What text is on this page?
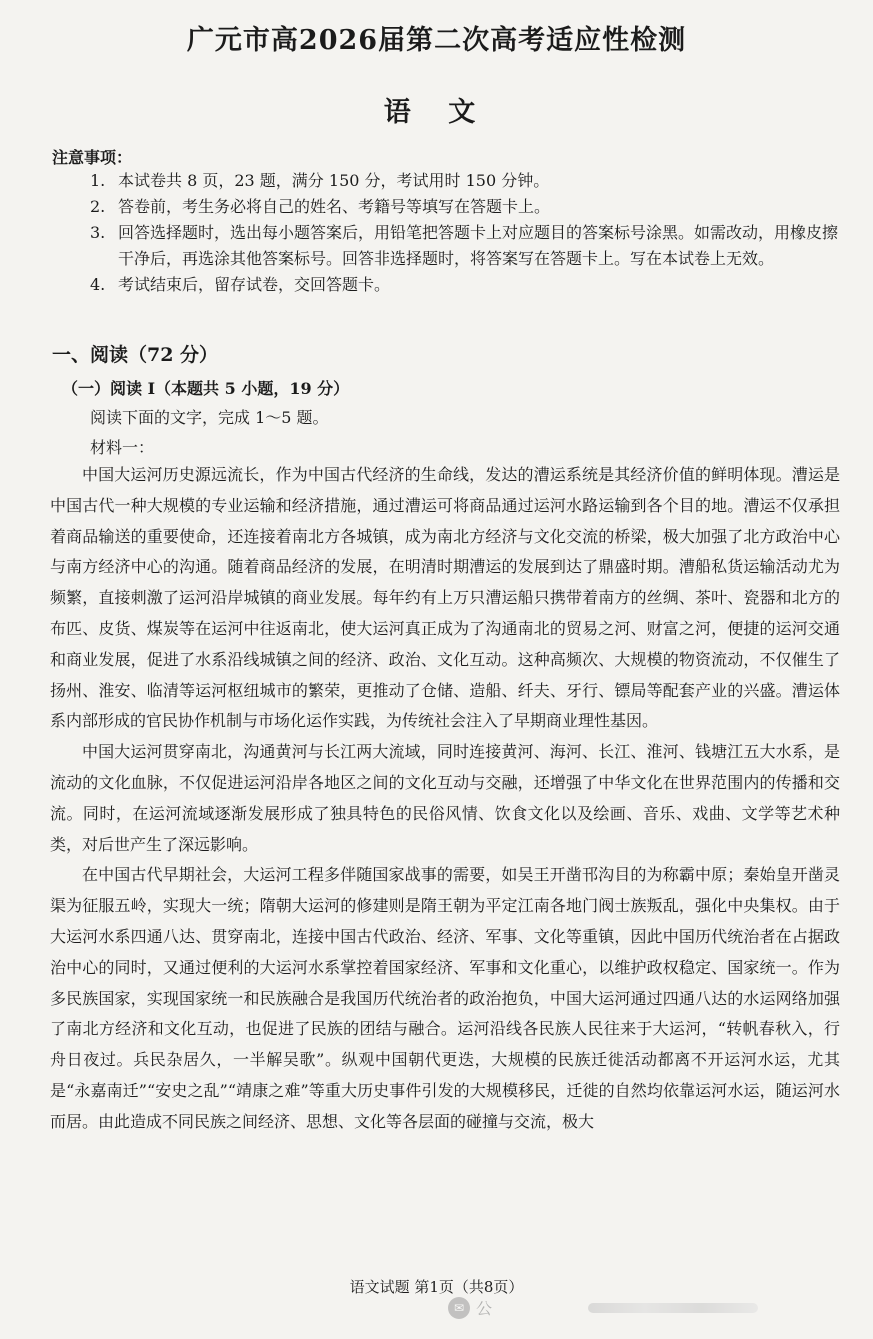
广元市高2026届第二次高考适应性检测
语 文
注意事项：

1. 本试卷共 8 页，23 题，满分 150 分，考试用时 150 分钟。

2. 答卷前，考生务必将自己的姓名、考籍号等填写在答题卡上。

3. 回答选择题时，选出每小题答案后，用铅笔把答题卡上对应题目的答案标号涂黑。如需改动，用橡皮擦干净后，再选涂其他答案标号。回答非选择题时，将答案写在答题卡上。写在本试卷上无效。

4. 考试结束后，留存试卷，交回答题卡。

一、阅读（72 分）
（一）阅读 I（本题共 5 小题，19 分）
阅读下面的文字，完成 1～5 题。
材料一：

中国大运河历史源远流长，作为中国古代经济的生命线，发达的漕运系统是其经济价值的鲜明体现。漕运是中国古代一种大规模的专业运输和经济措施，通过漕运可将商品通过运河水路运输到各个目的地。漕运不仅承担着商品输送的重要使命，还连接着南北方各城镇，成为南北方经济与文化交流的桥梁，极大加强了北方政治中心与南方经济中心的沟通。随着商品经济的发展，在明清时期漕运的发展到达了鼎盛时期。漕船私货运输活动尤为频繁，直接刺激了运河沿岸城镇的商业发展。每年约有上万只漕运船只携带着南方的丝绸、茶叶、瓷器和北方的布匹、皮货、煤炭等在运河中往返南北，使大运河真正成为了沟通南北的贸易之河、财富之河，便捷的运河交通和商业发展，促进了水系沿线城镇之间的经济、政治、文化互动。这种高频次、大规模的物资流动，不仅催生了扬州、淮安、临清等运河枢纽城市的繁荣，更推动了仓储、造船、纤夫、牙行、镖局等配套产业的兴盛。漕运体系内部形成的官民协作机制与市场化运作实践，为传统社会注入了早期商业理性基因。

中国大运河贯穿南北，沟通黄河与长江两大流域，同时连接黄河、海河、长江、淮河、钱塘江五大水系，是流动的文化血脉，不仅促进运河沿岸各地区之间的文化互动与交融，还增强了中华文化在世界范围内的传播和交流。同时，在运河流域逐渐发展形成了独具特色的民俗风情、饮食文化以及绘画、音乐、戏曲、文学等艺术种类，对后世产生了深远影响。

在中国古代早期社会，大运河工程多伴随国家战事的需要，如吴王开凿邗沟目的为称霸中原；秦始皇开凿灵渠为征服五岭，实现大一统；隋朝大运河的修建则是隋王朝为平定江南各地门阀士族叛乱，强化中央集权。由于大运河水系四通八达、贯穿南北，连接中国古代政治、经济、军事、文化等重镇，因此中国历代统治者在占据政治中心的同时，又通过便利的大运河水系掌控着国家经济、军事和文化重心，以维护政权稳定、国家统一。作为多民族国家，实现国家统一和民族融合是我国历代统治者的政治抱负，中国大运河通过四通八达的水运网络加强了南北方经济和文化互动，也促进了民族的团结与融合。运河沿线各民族人民往来于大运河，“转帆春秋入，行舟日夜过。兵民杂居久，一半解吴歌”。纵观中国朝代更迭，大规模的民族迁徙活动都离不开运河水运，尤其是“永嘉南迁”“安史之乱”“靖康之难”等重大历史事件引发的大规模移民，迁徙的自然均依靠运河水运，随运河水而居。由此造成不同民族之间经济、思想、文化等各层面的碰撞与交流，极大

语文试题 第1页（共8页）
✉ 公
